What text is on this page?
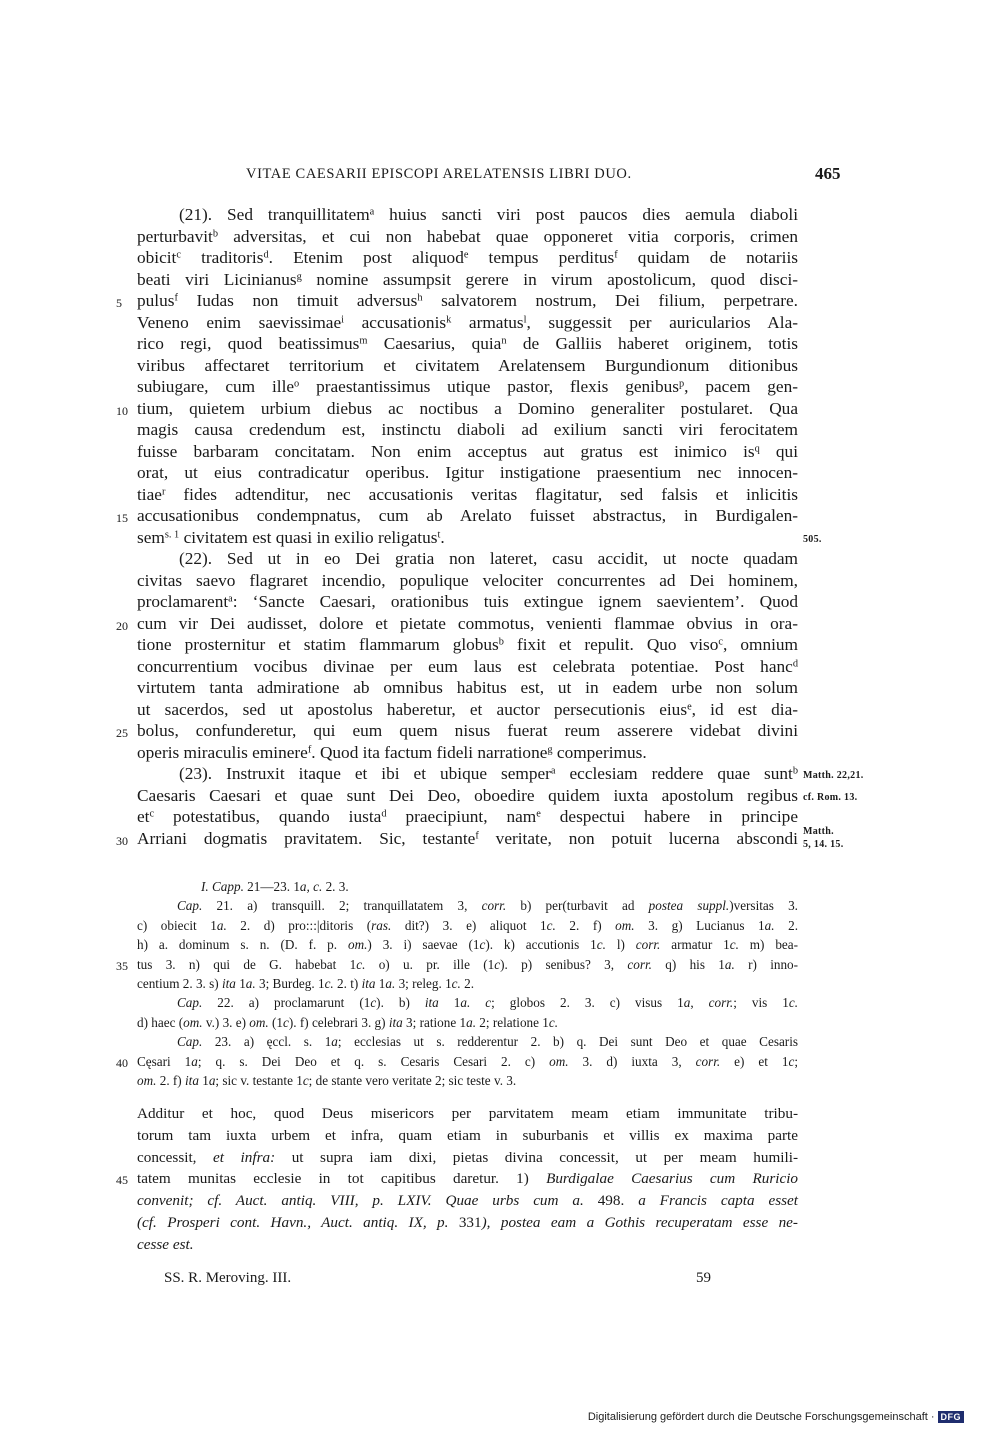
VITAE CAESARII EPISCOPI ARELATENSIS LIBRI DUO.	465
(21). Sed tranquillitatem$^a$ huius sancti viri post paucos dies aemula diaboli
perturbavit$^b$ adversitas, et cui non habebat quae opponeret vitia corporis, crimen
obicit$^c$ traditoris$^d$. Etenim post aliquod$^e$ tempus perditus$^f$ quidam de notariis
beati viri Licinianus$^g$ nomine assumpsit gerere in virum apostolicum, quod disci-
pulus$^f$ Iudas non timuit adversus$^h$ salvatorem nostrum, Dei filium, perpetrare.
5
Veneno enim saevissimae$^i$ accusationis$^k$ armatus$^l$, suggessit per auricularios Ala-
rico regi, quod beatissimus$^m$ Caesarius, quia$^n$ de Galliis haberet originem, totis
viribus affectaret territorium et civitatem Arelatensem Burgundionum ditionibus
subiugare, cum ille$^o$ praestantissimus utique pastor, flexis genibus$^p$, pacem gen-
tium, quietem urbium diebus ac noctibus a Domino generaliter postularet. Qua
10
magis causa credendum est, instinctu diaboli ad exilium sancti viri ferocitatem
fuisse barbaram concitatam. Non enim acceptus aut gratus est inimico $is^q$ qui
orat, ut eius contradicatur operibus. Igitur instigatione praesentium nec innocen-
tiae$^r$ fides adtenditur, nec accusationis veritas flagitatur, sed falsis et inlicitis
accusationibus condempnatus, cum ab Arelato fuisset abstractus, in Burdigalen-
15
sem$^{s. 1}$ civitatem est quasi in exilio religatus$^t$.
(22). Sed ut in eo Dei gratia non lateret, casu accidit, ut nocte quadam
civitas saevo flagraret incendio, populique velociter concurrentes ad Dei hominem,
proclamarent$^a$: ‘Sancte Caesari, orationibus tuis extingue ignem saevientem’. Quod
cum vir Dei audisset, dolore et pietate commotus, venienti flammae obvius in ora-
20
tione prosternitur et statim flammarum globus$^b$ fixit et repulit. Quo viso$^c$, omnium
concurrentium vocibus divinae per eum laus est celebrata potentiae. Post hanc$^d$
virtutem tanta admiratione ab omnibus habitus est, ut in eadem urbe non solum
ut sacerdos, sed ut apostolus haberetur, et auctor persecutionis eius$^e$, id est dia-
bolus, confunderetur, qui eum quem nisus fuerat reum asserere videbat divini
25
operis miraculis eminere$^f$. Quod ita factum fideli narratione$^g$ comperimus.
(23). Instruxit itaque et ibi et ubique semper$^a$ ecclesiam reddere quae sunt$^b$
Caesaris Caesari et quae sunt Dei Deo, oboedire quidem iuxta apostolum regibus
$et^c$ potestatibus, quando iusta$^d$ praecipiunt, nam$^e$ despectui habere in principe
Arriani dogmatis pravitatem. Sic, testante$^f$ veritate, non potuit lucerna abscondi
30
505.
Matth. 22,21.
cf. Rom. 13.
Matth.
5, 14. 15.
I. Capp. 21—23. 1a, c. 2. 3.
Cap. 21. a) transquill. 2; tranquillatatem 3, corr. b) per(turbavit ad postea suppl.)versitas 3.
c) obiecit 1a. 2. d) pro:::|ditoris (ras. dit?) 3. e) aliquot 1c. 2. f) om. 3. g) Lucianus 1a. 2.
h) a. dominum s. n. (D. f. p. om.) 3. i) saevae (1c). k) accutionis 1c. l) corr. armatur 1c. m) bea-
tus 3. n) qui de G. habebat 1c. o) u. pr. ille (1c). p) senibus? 3, corr. q) his 1a. r) inno-
35
centium 2. 3. s) ita 1a. 3; Burdeg. 1c. 2. t) ita 1a. 3; releg. 1c. 2.
Cap. 22. a) proclamarunt (1c). b) ita 1a. c; globos 2. 3. c) visus 1a, corr.; vis 1c.
d) haec (om. v.) 3. e) om. (1c). f) celebrari 3. g) ita 3; ratione 1a. 2; relatione 1c.
Cap. 23. a) ęccl. s. 1a; ecclesias ut s. redderentur 2. b) q. Dei sunt Deo et quae Cesaris
Cęsari 1a; q. s. Dei Deo et q. s. Cesaris Cesari 2. c) om. 3. d) iuxta 3, corr. e) et 1c;
40
om. 2. f) ita 1a; sic v. testante 1c; de stante vero veritate 2; sic teste v. 3.
Additur et hoc, quod Deus misericors per parvitatem meam etiam immunitate tribu-
torum tam iuxta urbem et infra, quam etiam in suburbanis et villis ex maxima parte
concessit, et infra: ut supra iam dixi, pietas divina concessit, ut per meam humili-
tatem munitas ecclesie in tot capitibus daretur. 1) Burdigalae Caesarius cum Ruricio
45
convenit; cf. Auct. antiq. VIII, p. LXIV. Quae urbs cum a. 498. a Francis capta esset
(cf. Prosperi cont. Havn., Auct. antiq. IX, p. 331), postea eam a Gothis recuperatam esse ne-
cesse est.
SS. R. Meroving. III.	59
Digitalisierung gefördert durch die Deutsche Forschungsgemeinschaft · DFG
